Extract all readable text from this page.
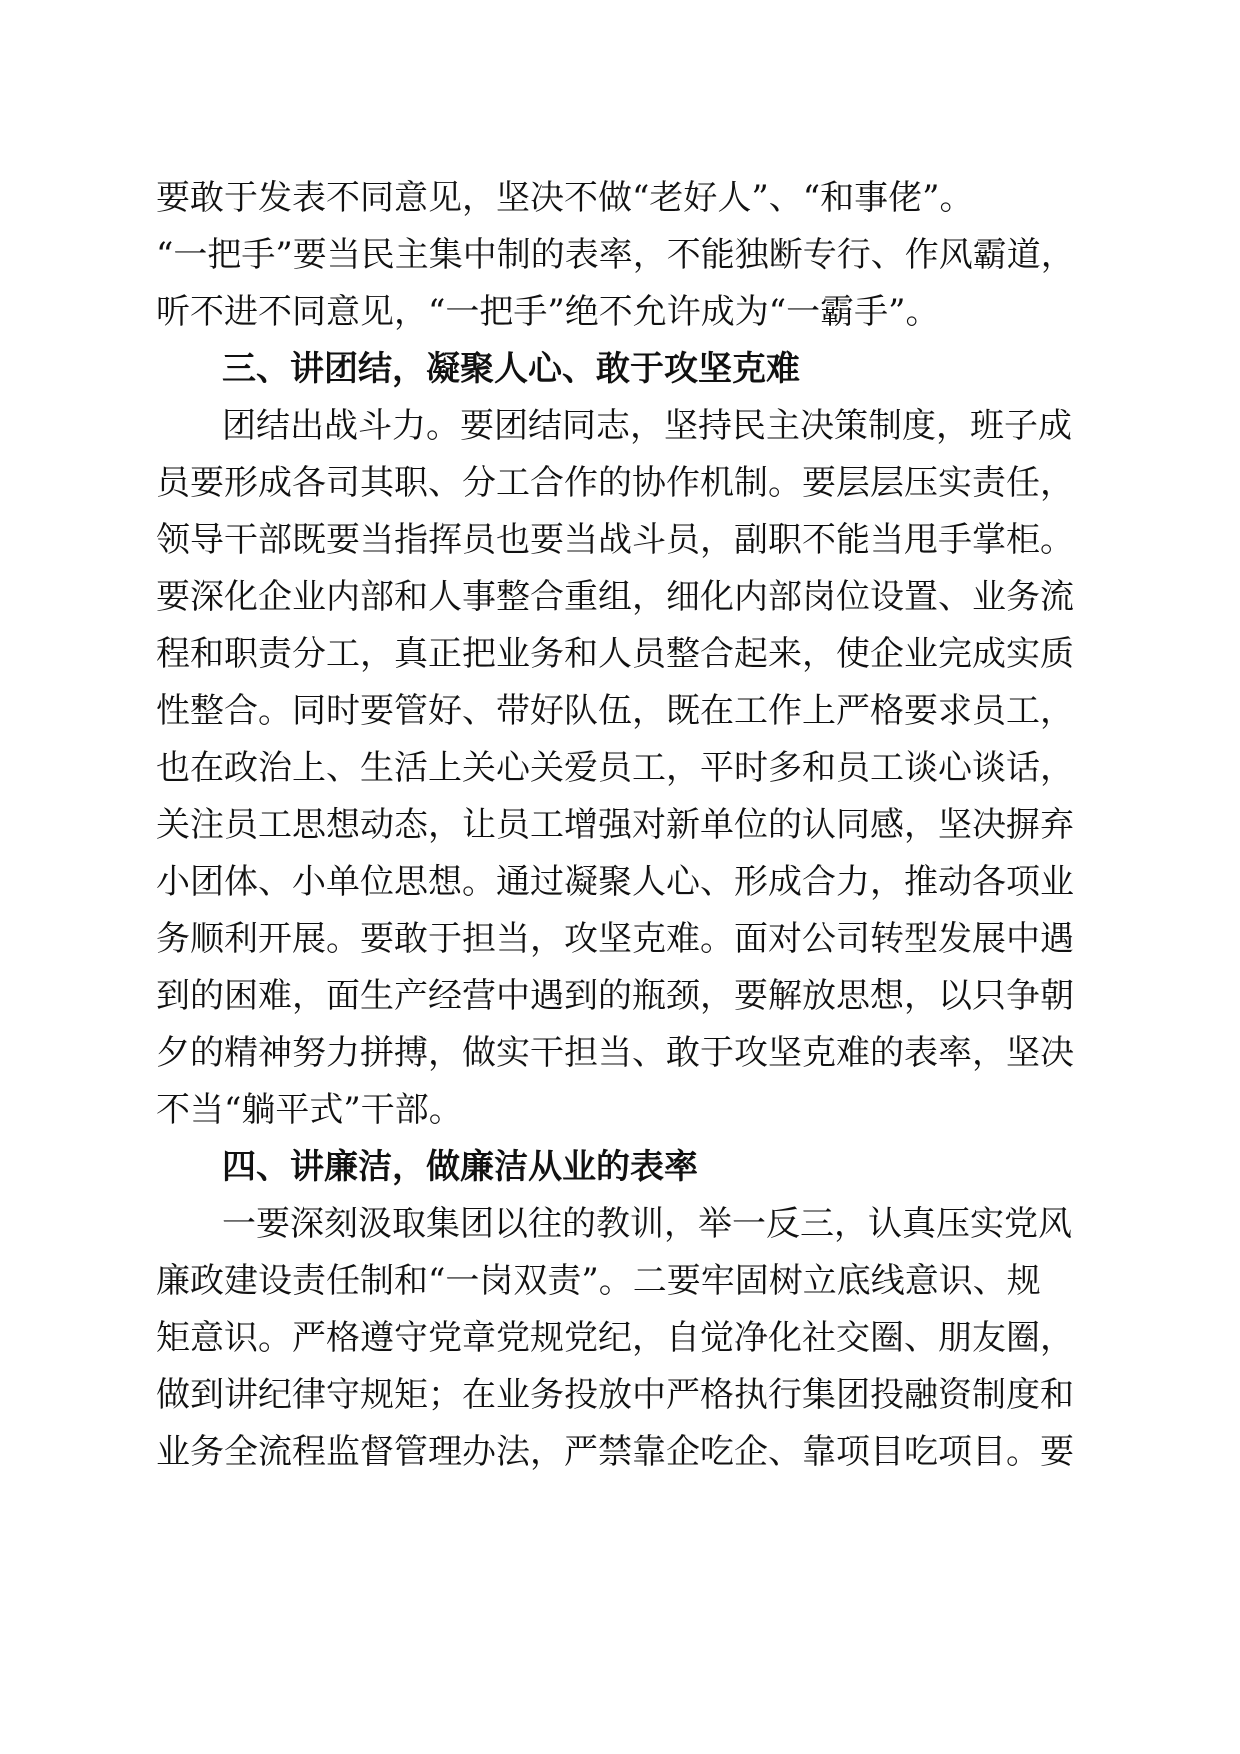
要敢于发表不同意见，坚决不做“老好人”、“和事佬”。
“一把手”要当民主集中制的表率，不能独断专行、作风霸道，
听不进不同意见，“一把手”绝不允许成为“一霸手”。
三、讲团结，凝聚人心、敢于攻坚克难
团结出战斗力。要团结同志，坚持民主决策制度，班子成
员要形成各司其职、分工合作的协作机制。要层层压实责任，
领导干部既要当指挥员也要当战斗员，副职不能当甩手掌柜。
要深化企业内部和人事整合重组，细化内部岗位设置、业务流
程和职责分工，真正把业务和人员整合起来，使企业完成实质
性整合。同时要管好、带好队伍，既在工作上严格要求员工，
也在政治上、生活上关心关爱员工，平时多和员工谈心谈话，
关注员工思想动态，让员工增强对新单位的认同感，坚决摒弃
小团体、小单位思想。通过凝聚人心、形成合力，推动各项业
务顺利开展。要敢于担当，攻坚克难。面对公司转型发展中遇
到的困难，面生产经营中遇到的瓶颈，要解放思想，以只争朝
夕的精神努力拼搏，做实干担当、敢于攻坚克难的表率，坚决
不当“躺平式”干部。
四、讲廉洁，做廉洁从业的表率
一要深刻汲取集团以往的教训，举一反三，认真压实党风
廉政建设责任制和“一岗双责”。二要牢固树立底线意识、规
矩意识。严格遵守党章党规党纪，自觉净化社交圈、朋友圈，
做到讲纪律守规矩；在业务投放中严格执行集团投融资制度和
业务全流程监督管理办法，严禁靠企吃企、靠项目吃项目。要
